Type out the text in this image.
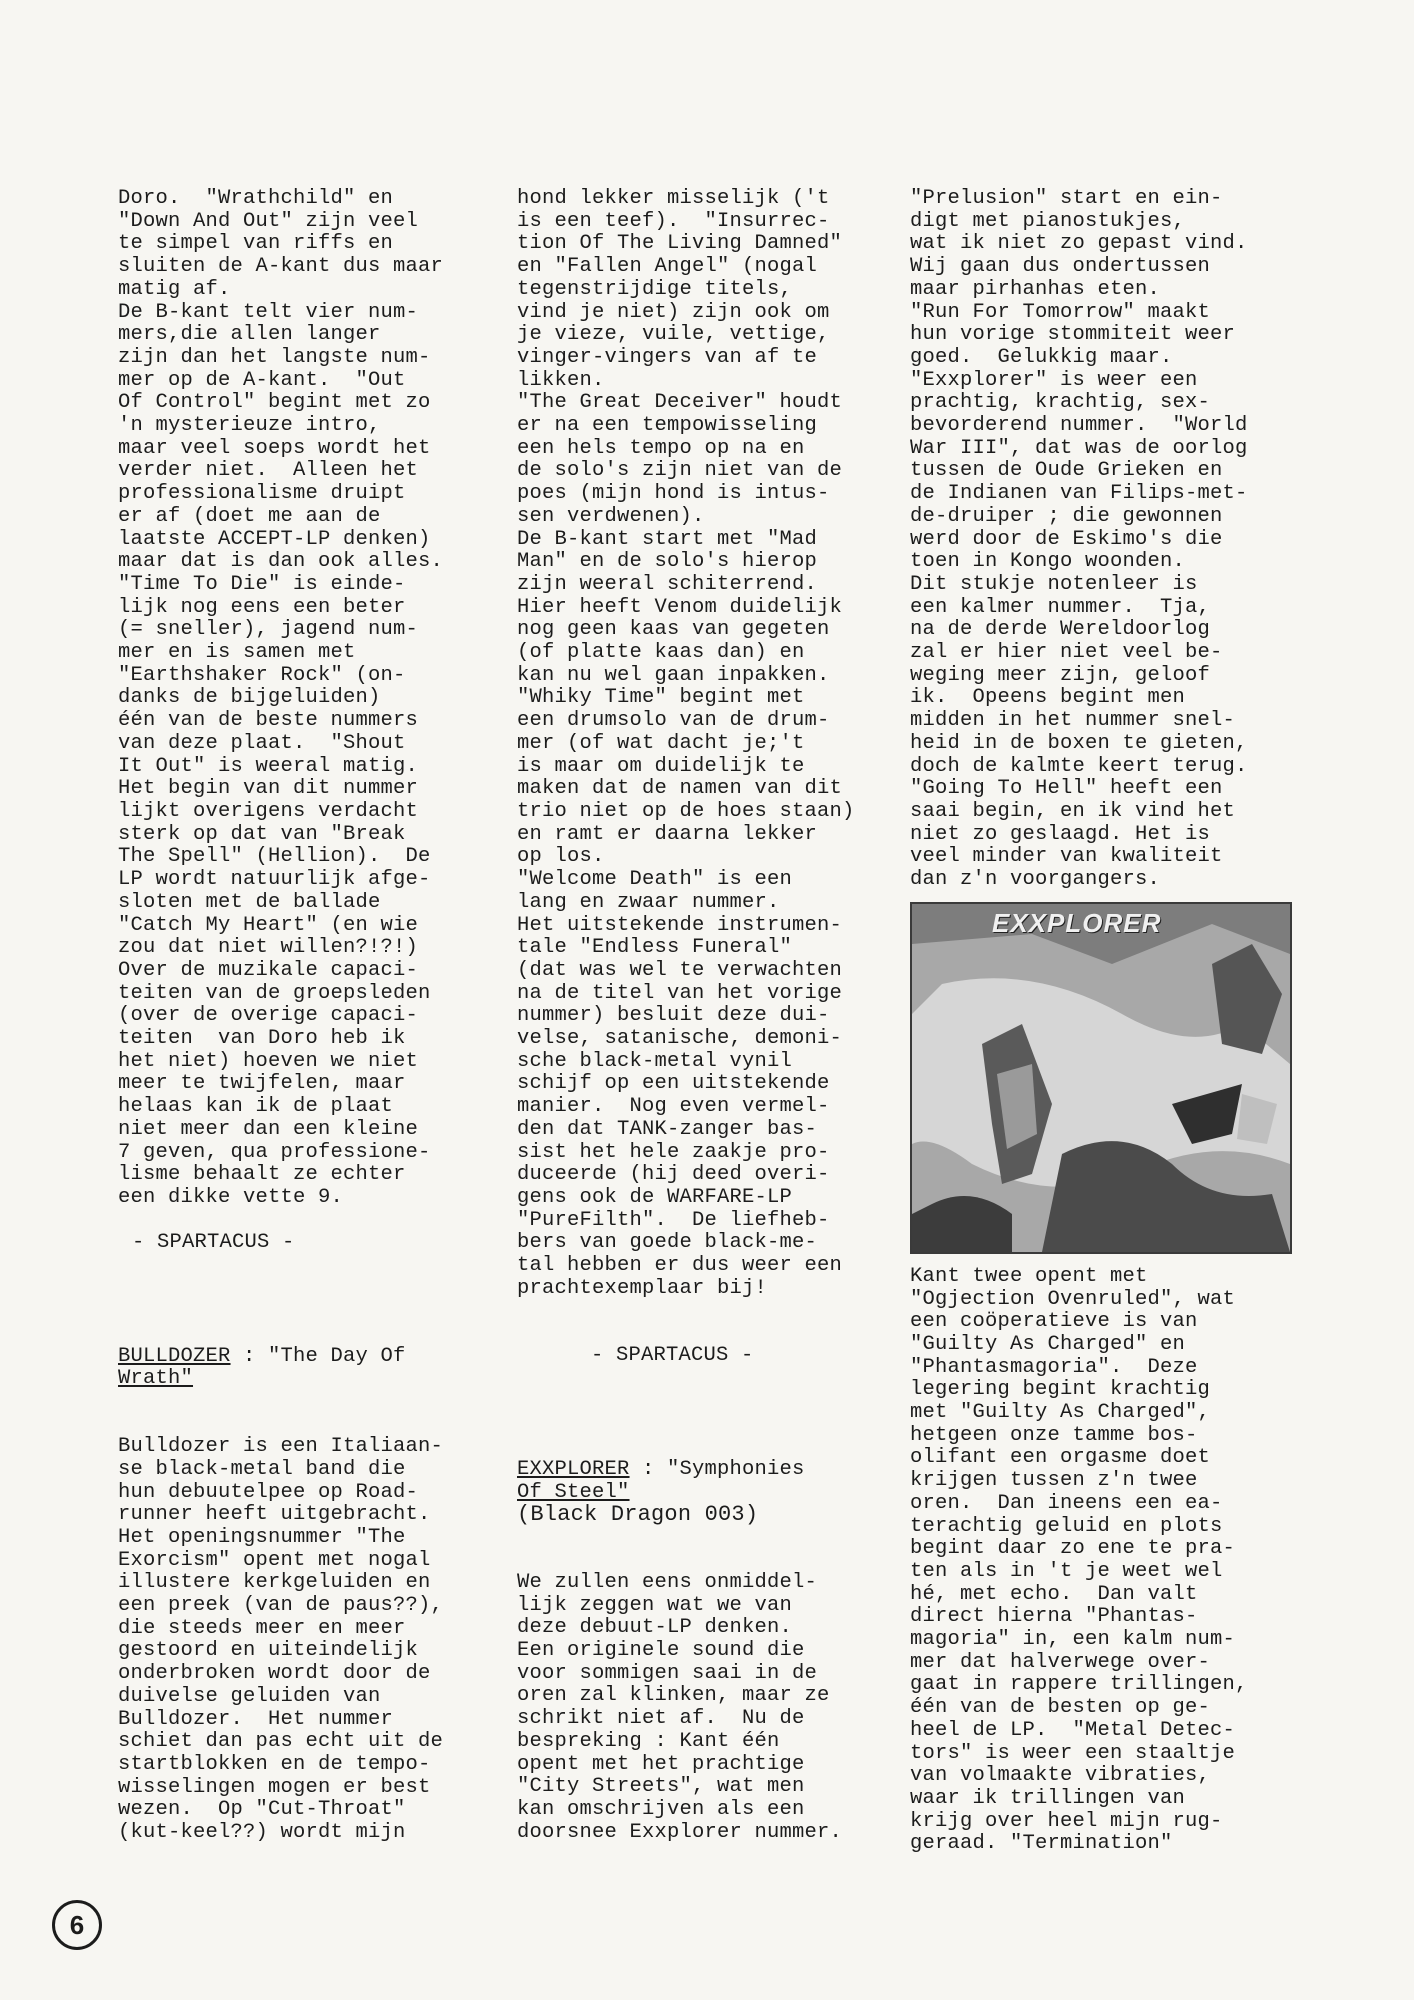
Doro.  "Wrathchild" en

"Down And Out" zijn veel

te simpel van riffs en

sluiten de A-kant dus maar

matig af.

De B-kant telt vier num-

mers,die allen langer

zijn dan het langste num-

mer op de A-kant.  "Out

Of Control" begint met zo

'n mysterieuze intro,

maar veel soeps wordt het

verder niet.  Alleen het

professionalisme druipt

er af (doet me aan de

laatste ACCEPT-LP denken)

maar dat is dan ook alles.

"Time To Die" is einde-

lijk nog eens een beter

(= sneller), jagend num-

mer en is samen met

"Earthshaker Rock" (on-

danks de bijgeluiden)

één van de beste nummers

van deze plaat.  "Shout

It Out" is weeral matig.

Het begin van dit nummer

lijkt overigens verdacht

sterk op dat van "Break

The Spell" (Hellion).  De

LP wordt natuurlijk afge-

sloten met de ballade

"Catch My Heart" (en wie

zou dat niet willen?!?!)

Over de muzikale capaci-

teiten van de groepsleden

(over de overige capaci-

teiten  van Doro heb ik

het niet) hoeven we niet

meer te twijfelen, maar

helaas kan ik de plaat

niet meer dan een kleine

7 geven, qua professione-

lisme behaalt ze echter

een dikke vette 9.

- SPARTACUS -

BULLDOZER : "The Day Of

Wrath"

Bulldozer is een Italiaan-

se black-metal band die

hun debuutelpee op Road-

runner heeft uitgebracht.

Het openingsnummer "The

Exorcism" opent met nogal

illustere kerkgeluiden en

een preek (van de paus??),

die steeds meer en meer

gestoord en uiteindelijk

onderbroken wordt door de

duivelse geluiden van

Bulldozer.  Het nummer

schiet dan pas echt uit de

startblokken en de tempo-

wisselingen mogen er best

wezen.  Op "Cut-Throat"

(kut-keel??) wordt mijn

hond lekker misselijk ('t

is een teef).  "Insurrec-

tion Of The Living Damned"

en "Fallen Angel" (nogal

tegenstrijdige titels,

vind je niet) zijn ook om

je vieze, vuile, vettige,

vinger-vingers van af te

likken.

"The Great Deceiver" houdt

er na een tempowisseling

een hels tempo op na en

de solo's zijn niet van de

poes (mijn hond is intus-

sen verdwenen).

De B-kant start met "Mad

Man" en de solo's hierop

zijn weeral schiterrend.

Hier heeft Venom duidelijk

nog geen kaas van gegeten

(of platte kaas dan) en

kan nu wel gaan inpakken.

"Whiky Time" begint met

een drumsolo van de drum-

mer (of wat dacht je;'t

is maar om duidelijk te

maken dat de namen van dit

trio niet op de hoes staan)

en ramt er daarna lekker

op los.

"Welcome Death" is een

lang en zwaar nummer.

Het uitstekende instrumen-

tale "Endless Funeral"

(dat was wel te verwachten

na de titel van het vorige

nummer) besluit deze dui-

velse, satanische, demoni-

sche black-metal vynil

schijf op een uitstekende

manier.  Nog even vermel-

den dat TANK-zanger bas-

sist het hele zaakje pro-

duceerde (hij deed overi-

gens ook de WARFARE-LP

"PureFilth".  De liefheb-

bers van goede black-me-

tal hebben er dus weer een

prachtexemplaar bij!

- SPARTACUS -

EXXPLORER : "Symphonies

Of Steel"

(Black Dragon 003)

We zullen eens onmiddel-

lijk zeggen wat we van

deze debuut-LP denken.

Een originele sound die

voor sommigen saai in de

oren zal klinken, maar ze

schrikt niet af.  Nu de

bespreking : Kant één

opent met het prachtige

"City Streets", wat men

kan omschrijven als een

doorsnee Exxplorer nummer.

"Prelusion" start en ein-

digt met pianostukjes,

wat ik niet zo gepast vind.

Wij gaan dus ondertussen

maar pirhanhas eten.

"Run For Tomorrow" maakt

hun vorige stommiteit weer

goed.  Gelukkig maar.

"Exxplorer" is weer een

prachtig, krachtig, sex-

bevorderend nummer.  "World

War III", dat was de oorlog

tussen de Oude Grieken en

de Indianen van Filips-met-

de-druiper ; die gewonnen

werd door de Eskimo's die

toen in Kongo woonden.

Dit stukje notenleer is

een kalmer nummer.  Tja,

na de derde Wereldoorlog

zal er hier niet veel be-

weging meer zijn, geloof

ik.  Opeens begint men

midden in het nummer snel-

heid in de boxen te gieten,

doch de kalmte keert terug.

"Going To Hell" heeft een

saai begin, en ik vind het

niet zo geslaagd. Het is

veel minder van kwaliteit

dan z'n voorgangers.

EXXPLORER

Kant twee opent met

"Ogjection Ovenruled", wat

een coöperatieve is van

"Guilty As Charged" en

"Phantasmagoria".  Deze

legering begint krachtig

met "Guilty As Charged",

hetgeen onze tamme bos-

olifant een orgasme doet

krijgen tussen z'n twee

oren.  Dan ineens een ea-

terachtig geluid en plots

begint daar zo ene te pra-

ten als in 't je weet wel

hé, met echo.  Dan valt

direct hierna "Phantas-

magoria" in, een kalm num-

mer dat halverwege over-

gaat in rappere trillingen,

één van de besten op ge-

heel de LP.  "Metal Detec-

tors" is weer een staaltje

van volmaakte vibraties,

waar ik trillingen van

krijg over heel mijn rug-

geraad. "Termination"

6
